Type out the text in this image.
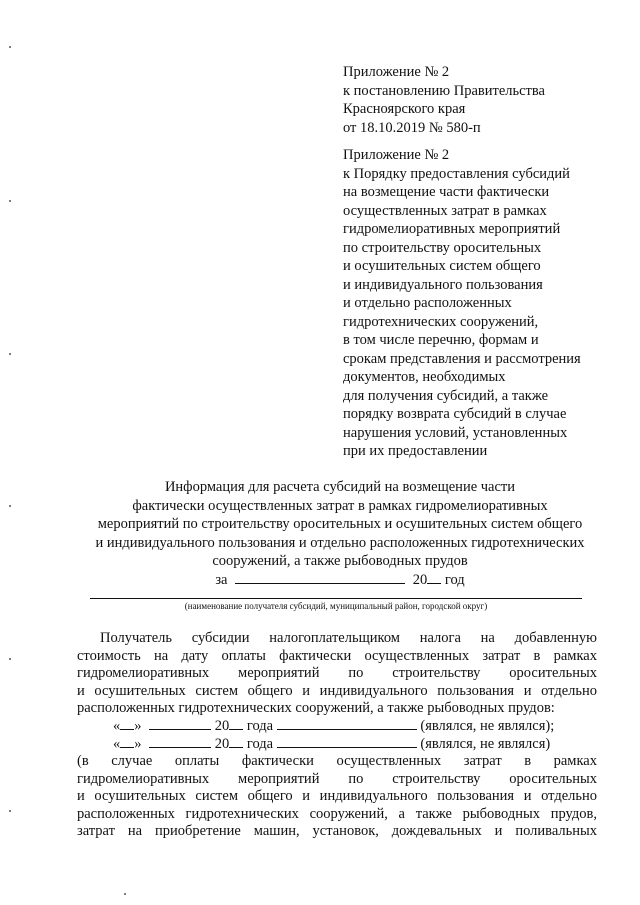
Приложение № 2
к постановлению Правительства
Красноярского края
от 18.10.2019 № 580-п
Приложение № 2
к Порядку предоставления субсидий
на возмещение части фактически
осуществленных затрат в рамках
гидромелиоративных мероприятий
по строительству оросительных
и осушительных систем общего
и индивидуального пользования
и отдельно расположенных
гидротехнических сооружений,
в том числе перечню, формам и
срокам представления и рассмотрения
документов, необходимых
для получения субсидий, а также
порядку возврата субсидий в случае
нарушения условий, установленных
при их предоставлении
Информация для расчета субсидий на возмещение части
фактически осуществленных затрат в рамках гидромелиоративных
мероприятий по строительству оросительных и осушительных систем общего
и индивидуального пользования и отдельно расположенных гидротехнических
сооружений, а также рыбоводных прудов
за	20 год
(наименование получателя субсидий, муниципальный район, городской округ)
Получатель субсидии налогоплательщиком налога на добавленную
стоимость на дату оплаты фактически осуществленных затрат в рамках
гидромелиоративных мероприятий по строительству оросительных
и осушительных систем общего и индивидуального пользования и отдельно
расположенных гидротехнических сооружений, а также рыбоводных прудов:
« »	20 года	(являлся, не являлся);
« »	20 года	(являлся, не являлся)
(в случае оплаты фактически осуществленных затрат в рамках
гидромелиоративных мероприятий по строительству оросительных
и осушительных систем общего и индивидуального пользования и отдельно
расположенных гидротехнических сооружений, а также рыбоводных прудов,
затрат на приобретение машин, установок, дождевальных и поливальных
